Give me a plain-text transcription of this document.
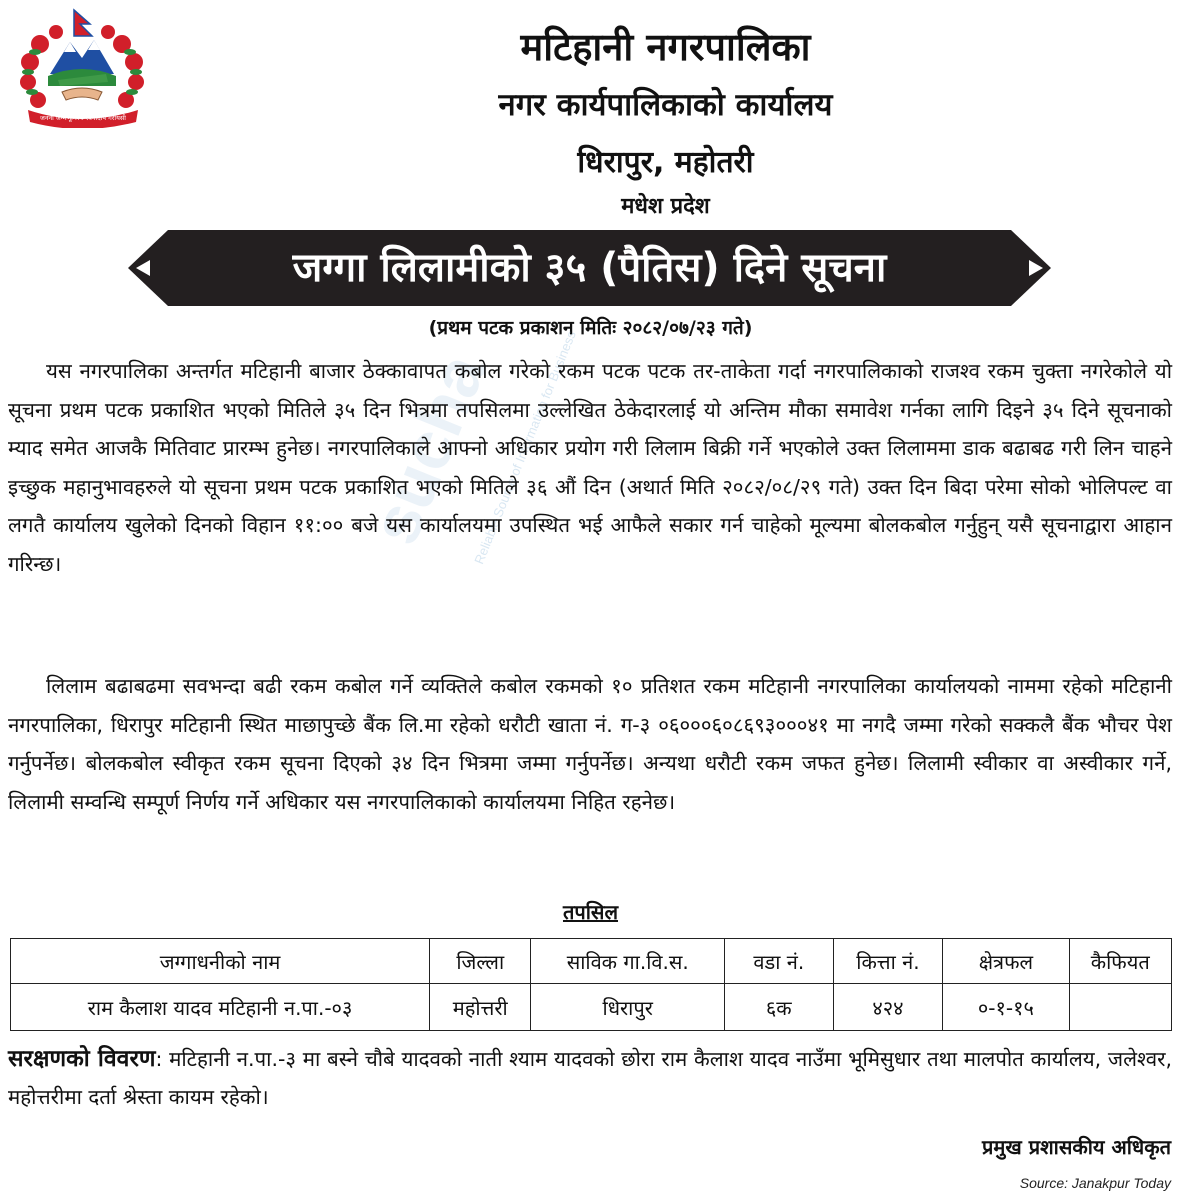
जननी जन्मभूमिश्च स्वर्गादपि गरीयसी
मटिहानी नगरपालिका
नगर कार्यपालिकाको कार्यालय
धिरापुर, महोतरी
मधेश प्रदेश
जग्गा लिलामीको ३५ (पैतिस) दिने सूचना
(प्रथम पटक प्रकाशन मितिः २०८२/०७/२३ गते)
sucha
Reliable Source of Information for Business

यस नगरपालिका अन्तर्गत मटिहानी बाजार ठेक्कावापत कबोल गरेको रकम पटक पटक तर-ताकेता गर्दा नगरपालिकाको राजश्व रकम चुक्ता नगरेकोले यो सूचना प्रथम पटक प्रकाशित भएको मितिले ३५ दिन भित्रमा तपसिलमा उल्लेखित ठेकेदारलाई यो अन्तिम मौका समावेश गर्नका लागि दिइने ३५ दिने सूचनाको म्याद समेत आजकै मितिवाट प्रारम्भ हुनेछ। नगरपालिकाले आफ्नो अधिकार प्रयोग गरी लिलाम बिक्री गर्ने भएकोले उक्त लिलाममा डाक बढाबढ गरी लिन चाहने इच्छुक महानुभावहरुले यो सूचना प्रथम पटक प्रकाशित भएको मितिले ३६ औं दिन (अथार्त मिति २०८२/०८/२९ गते) उक्त दिन बिदा परेमा सोको भोलिपल्ट वा लगतै कार्यालय खुलेको दिनको विहान ११:०० बजे यस कार्यालयमा उपस्थित भई आफैले सकार गर्न चाहेको मूल्यमा बोलकबोल गर्नुहुन् यसै सूचनाद्वारा आहान गरिन्छ।

लिलाम बढाबढमा सवभन्दा बढी रकम कबोल गर्ने व्यक्तिले कबोल रकमको १० प्रतिशत रकम मटिहानी नगरपालिका कार्यालयको नाममा रहेको मटिहानी नगरपालिका, धिरापुर मटिहानी स्थित माछापुच्छे बैंक लि.मा रहेको धरौटी खाता नं. ग-३ ०६०००६०८६९३०००४१ मा नगदै जम्मा गरेको सक्कलै बैंक भौचर पेश गर्नुपर्नेछ। बोलकबोल स्वीकृत रकम सूचना दिएको ३४ दिन भित्रमा जम्मा गर्नुपर्नेछ। अन्यथा धरौटी रकम जफत हुनेछ। लिलामी स्वीकार वा अस्वीकार गर्ने, लिलामी सम्वन्धि सम्पूर्ण निर्णय गर्ने अधिकार यस नगरपालिकाको कार्यालयमा निहित रहनेछ।

तपसिल
जग्गाधनीको नाम	जिल्ला	साविक गा.वि.स.	वडा नं.	कित्ता नं.	क्षेत्रफल	कैफियत
राम कैलाश यादव मटिहानी न.पा.-०३	महोत्तरी	धिरापुर	६क	४२४	०-१-१५	

सरक्षणको विवरण: मटिहानी न.पा.-३ मा बस्ने चौबे यादवको नाती श्याम यादवको छोरा राम कैलाश यादव नाउँमा भूमिसुधार तथा मालपोत कार्यालय, जलेश्वर, महोत्तरीमा दर्ता श्रेस्ता कायम रहेको।

प्रमुख प्रशासकीय अधिकृत
Source: Janakpur Today
